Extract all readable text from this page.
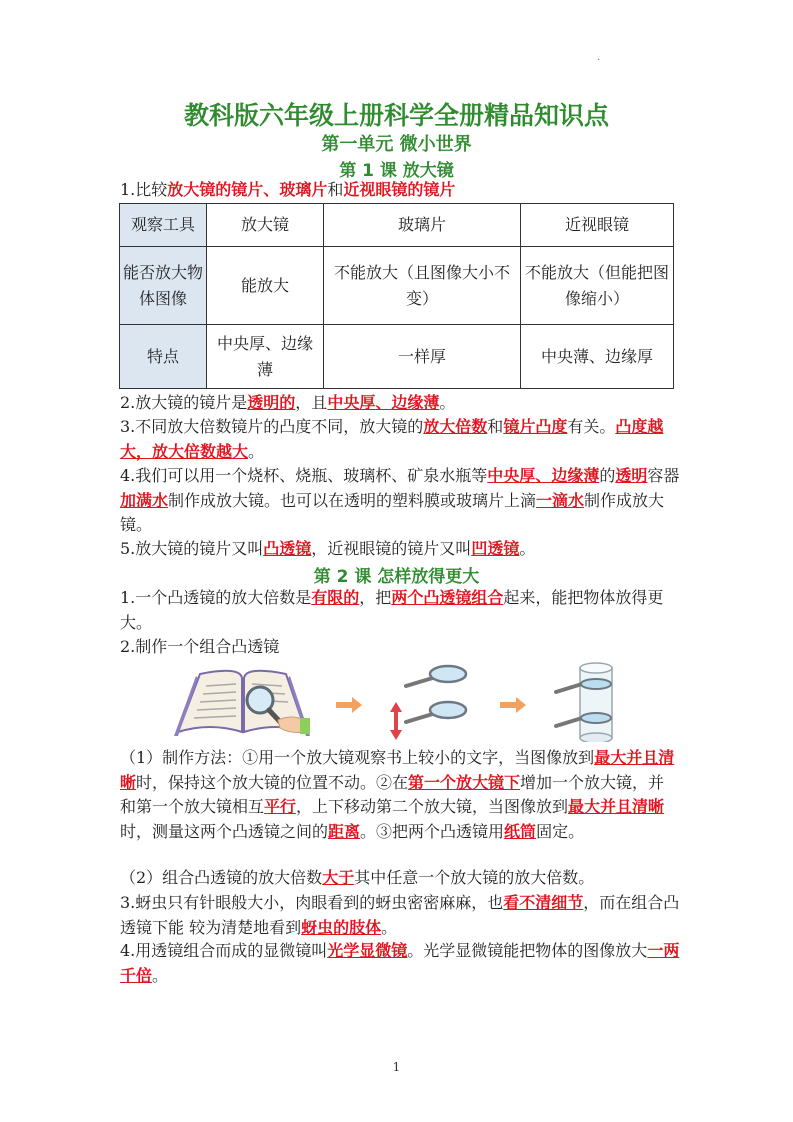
.
教科版六年级上册科学全册精品知识点
第一单元 微小世界
第 1 课 放大镜

1.比较放大镜的镜片、玻璃片和近视眼镜的镜片

观察工具	放大镜	玻璃片	近视眼镜
能否放大物体图像	能放大	不能放大（且图像大小不变）	不能放大（但能把图像缩小）
特点	中央厚、边缘薄	一样厚	中央薄、边缘厚

2.放大镜的镜片是透明的，且中央厚、边缘薄。

3.不同放大倍数镜片的凸度不同，放大镜的放大倍数和镜片凸度有关。凸度越大，放大倍数越大。

4.我们可以用一个烧杯、烧瓶、玻璃杯、矿泉水瓶等中央厚、边缘薄的透明容器加满水制作成放大镜。也可以在透明的塑料膜或玻璃片上滴一滴水制作成放大镜。

5.放大镜的镜片又叫凸透镜，近视眼镜的镜片又叫凹透镜。

第 2 课 怎样放得更大

1.一个凸透镜的放大倍数是有限的，把两个凸透镜组合起来，能把物体放得更大。

2.制作一个组合凸透镜

（1）制作方法：①用一个放大镜观察书上较小的文字，当图像放到最大并且清晰时，保持这个放大镜的位置不动。②在第一个放大镜下增加一个放大镜，并和第一个放大镜相互平行，上下移动第二个放大镜，当图像放到最大并且清晰时，测量这两个凸透镜之间的距离。③把两个凸透镜用纸筒固定。

（2）组合凸透镜的放大倍数大于其中任意一个放大镜的放大倍数。

3.蚜虫只有针眼般大小，肉眼看到的蚜虫密密麻麻，也看不清细节，而在组合凸透镜下能 较为清楚地看到蚜虫的肢体。

4.用透镜组合而成的显微镜叫光学显微镜。光学显微镜能把物体的图像放大一两千倍。

1
